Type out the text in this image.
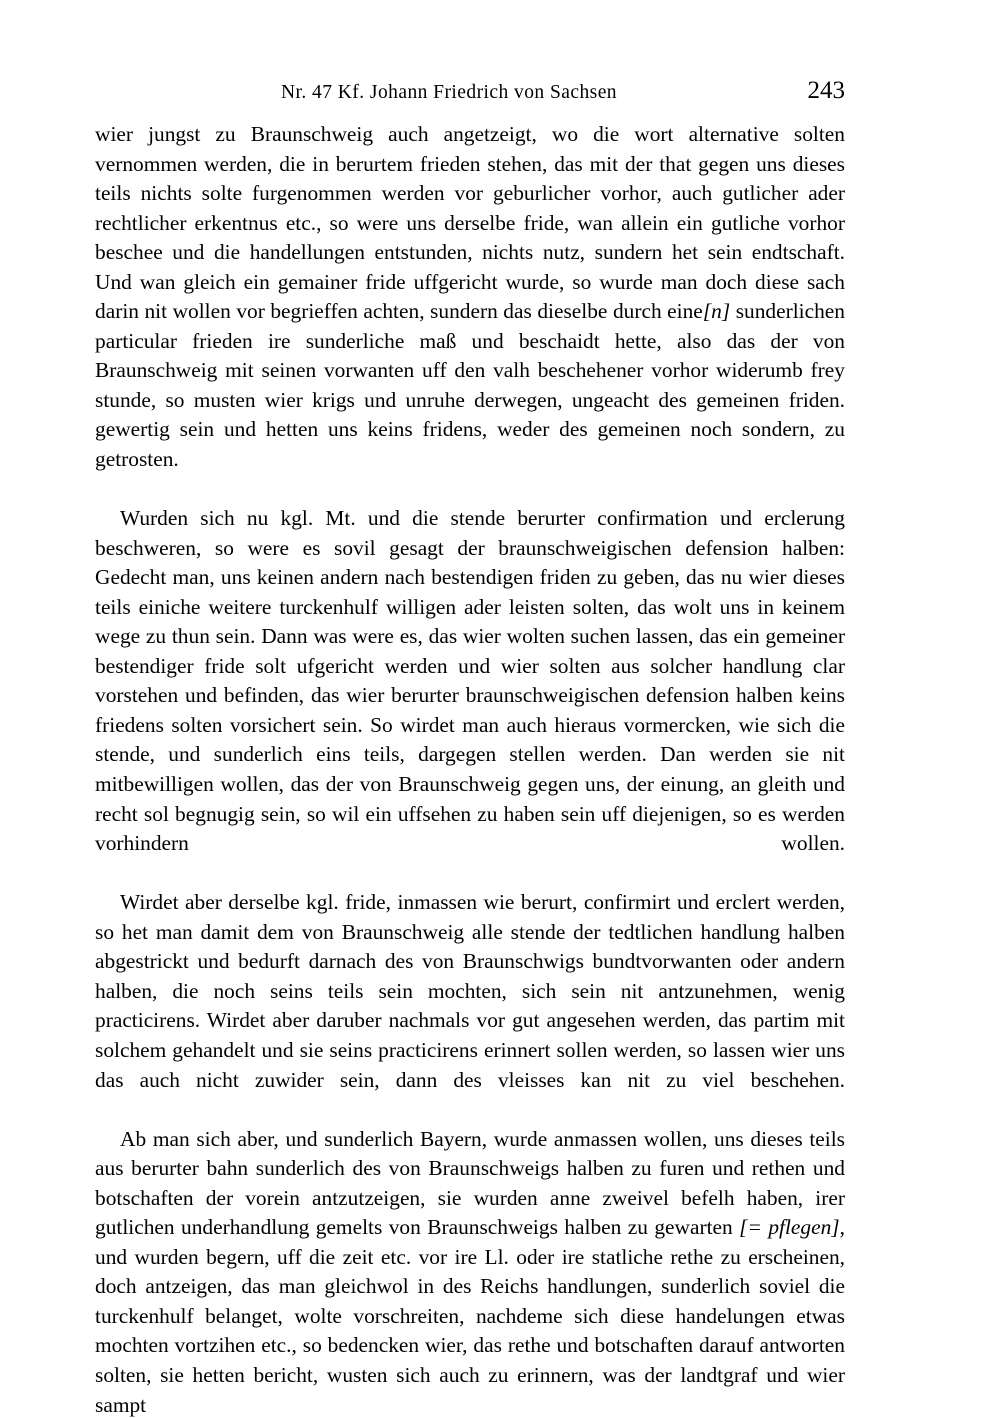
Nr. 47 Kf. Johann Friedrich von Sachsen	243

wier jungst zu Braunschweig auch angetzeigt, wo die wort alternative solten vernommen werden, die in berurtem frieden stehen, das mit der that gegen uns dieses teils nichts solte furgenommen werden vor geburlicher vorhor, auch gutlicher ader rechtlicher erkentnus etc., so were uns derselbe fride, wan allein ein gutliche vorhor beschee und die handellungen entstunden, nichts nutz, sundern het sein endtschaft. Und wan gleich ein gemainer fride uffgericht wurde, so wurde man doch diese sach darin nit wollen vor begrieffen achten, sundern das dieselbe durch eine[n] sunderlichen particular frieden ire sunderliche maß und beschaidt hette, also das der von Braunschweig mit seinen vorwanten uff den valh beschehener vorhor widerumb frey stunde, so musten wier krigs und unruhe derwegen, ungeacht des gemeinen friden. gewertig sein und hetten uns keins fridens, weder des gemeinen noch sondern, zu getrosten.

Wurden sich nu kgl. Mt. und die stende berurter confirmation und erclerung beschweren, so were es sovil gesagt der braunschweigischen defension halben: Gedecht man, uns keinen andern nach bestendigen friden zu geben, das nu wier dieses teils einiche weitere turckenhulf willigen ader leisten solten, das wolt uns in keinem wege zu thun sein. Dann was were es, das wier wolten suchen lassen, das ein gemeiner bestendiger fride solt ufgericht werden und wier solten aus solcher handlung clar vorstehen und befinden, das wier berurter braunschweigischen defension halben keins friedens solten vorsichert sein. So wirdet man auch hieraus vormercken, wie sich die stende, und sunderlich eins teils, dargegen stellen werden. Dan werden sie nit mitbewilligen wollen, das der von Braunschweig gegen uns, der einung, an gleith und recht sol begnugig sein, so wil ein uffsehen zu haben sein uff diejenigen, so es werden vorhindern wollen.

Wirdet aber derselbe kgl. fride, inmassen wie berurt, confirmirt und erclert werden, so het man damit dem von Braunschweig alle stende der tedtlichen handlung halben abgestrickt und bedurft darnach des von Braunschwigs bundtvorwanten oder andern halben, die noch seins teils sein mochten, sich sein nit antzunehmen, wenig practicirens. Wirdet aber daruber nachmals vor gut angesehen werden, das partim mit solchem gehandelt und sie seins practicirens erinnert sollen werden, so lassen wier uns das auch nicht zuwider sein, dann des vleisses kan nit zu viel beschehen.

Ab man sich aber, und sunderlich Bayern, wurde anmassen wollen, uns dieses teils aus berurter bahn sunderlich des von Braunschweigs halben zu furen und rethen und botschaften der vorein antzutzeigen, sie wurden anne zweivel befelh haben, irer gutlichen underhandlung gemelts von Braunschweigs halben zu gewarten [= pflegen], und wurden begern, uff die zeit etc. vor ire Ll. oder ire statliche rethe zu erscheinen, doch antzeigen, das man gleichwol in des Reichs handlungen, sunderlich soviel die turckenhulf belanget, wolte vorschreiten, nachdeme sich diese handelungen etwas mochten vortzihen etc., so bedencken wier, das rethe und botschaften darauf antworten solten, sie hetten bericht, wusten sich auch zu erinnern, was der landtgraf und wier sampt
